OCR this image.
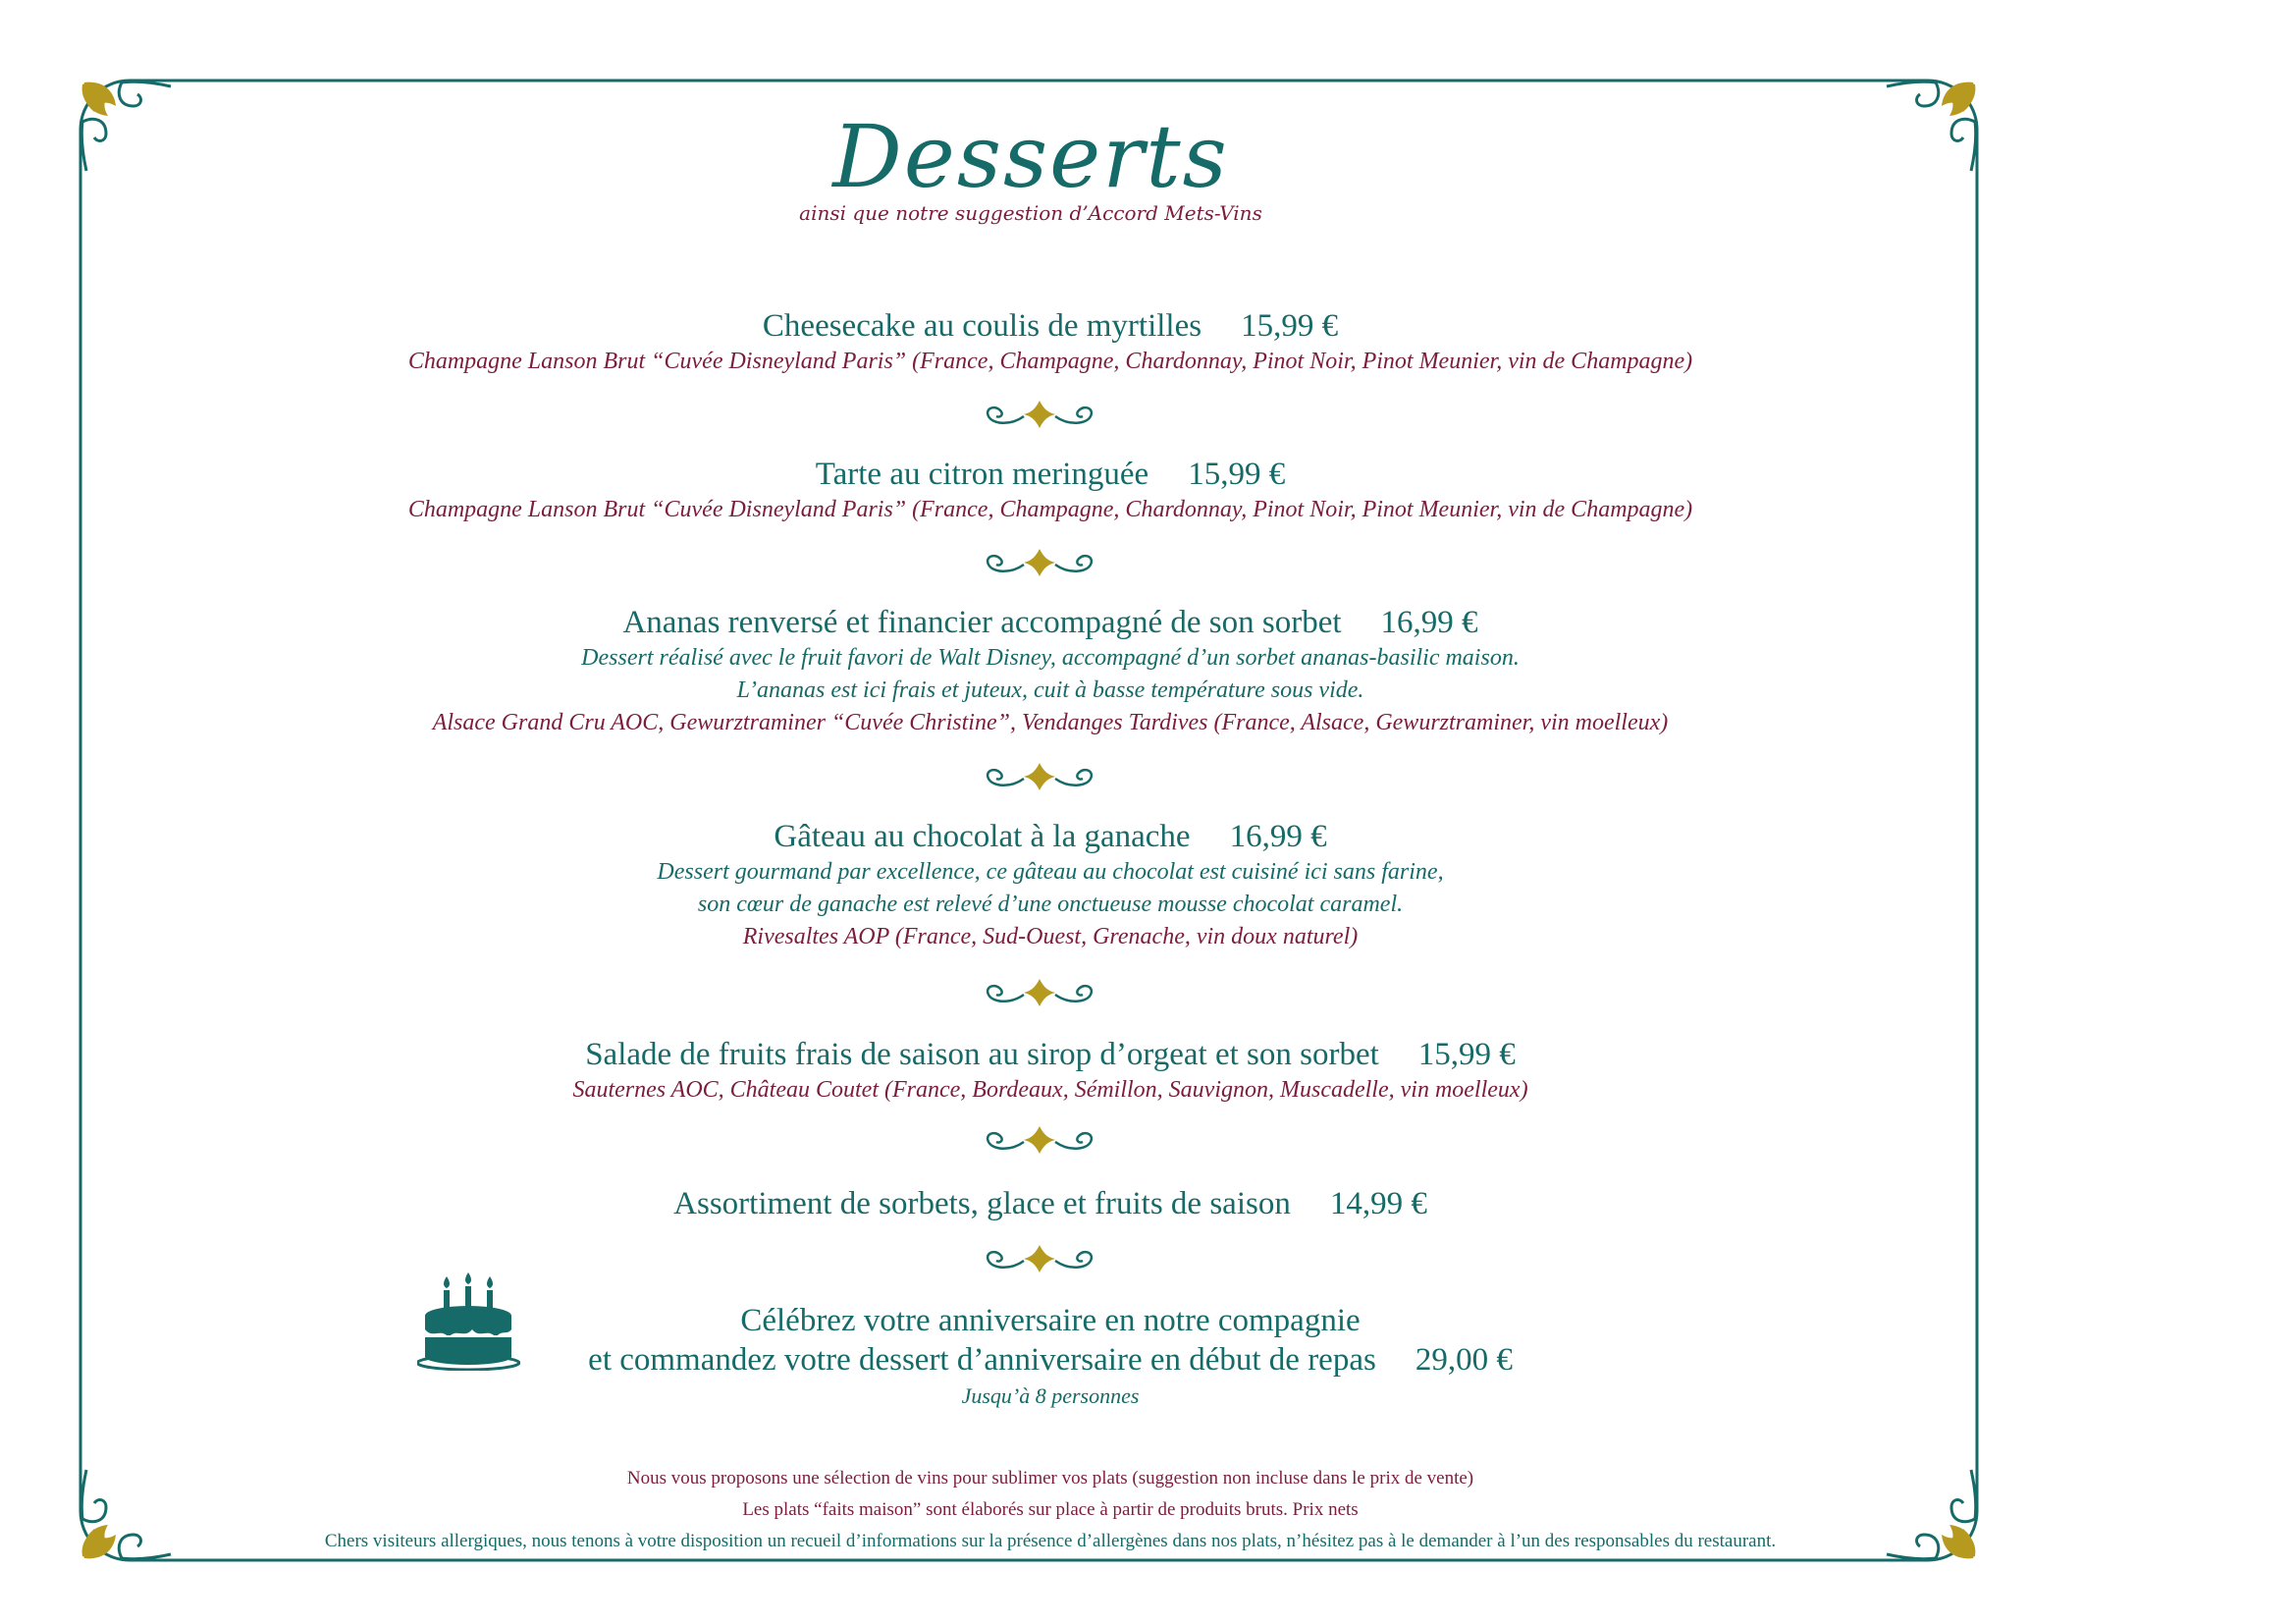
Desserts
ainsi que notre suggestion d’Accord Mets-Vins
Cheesecake au coulis de myrtilles 15,99 €
Champagne Lanson Brut “Cuvée Disneyland Paris” (France, Champagne, Chardonnay, Pinot Noir, Pinot Meunier, vin de Champagne)
Tarte au citron meringuée 15,99 €
Champagne Lanson Brut “Cuvée Disneyland Paris” (France, Champagne, Chardonnay, Pinot Noir, Pinot Meunier, vin de Champagne)
Ananas renversé et financier accompagné de son sorbet 16,99 €
Dessert réalisé avec le fruit favori de Walt Disney, accompagné d’un sorbet ananas-basilic maison.
L’ananas est ici frais et juteux, cuit à basse température sous vide.
Alsace Grand Cru AOC, Gewurztraminer “Cuvée Christine”, Vendanges Tardives (France, Alsace, Gewurztraminer, vin moelleux)
Gâteau au chocolat à la ganache 16,99 €
Dessert gourmand par excellence, ce gâteau au chocolat est cuisiné ici sans farine,
son cœur de ganache est relevé d’une onctueuse mousse chocolat caramel.
Rivesaltes AOP (France, Sud-Ouest, Grenache, vin doux naturel)
Salade de fruits frais de saison au sirop d’orgeat et son sorbet 15,99 €
Sauternes AOC, Château Coutet (France, Bordeaux, Sémillon, Sauvignon, Muscadelle, vin moelleux)
Assortiment de sorbets, glace et fruits de saison 14,99 €
Célébrez votre anniversaire en notre compagnie
et commandez votre dessert d’anniversaire en début de repas 29,00 €
Jusqu’à 8 personnes
Nous vous proposons une sélection de vins pour sublimer vos plats (suggestion non incluse dans le prix de vente)
Les plats “faits maison” sont élaborés sur place à partir de produits bruts. Prix nets
Chers visiteurs allergiques, nous tenons à votre disposition un recueil d’informations sur la présence d’allergènes dans nos plats, n’hésitez pas à le demander à l’un des responsables du restaurant.
